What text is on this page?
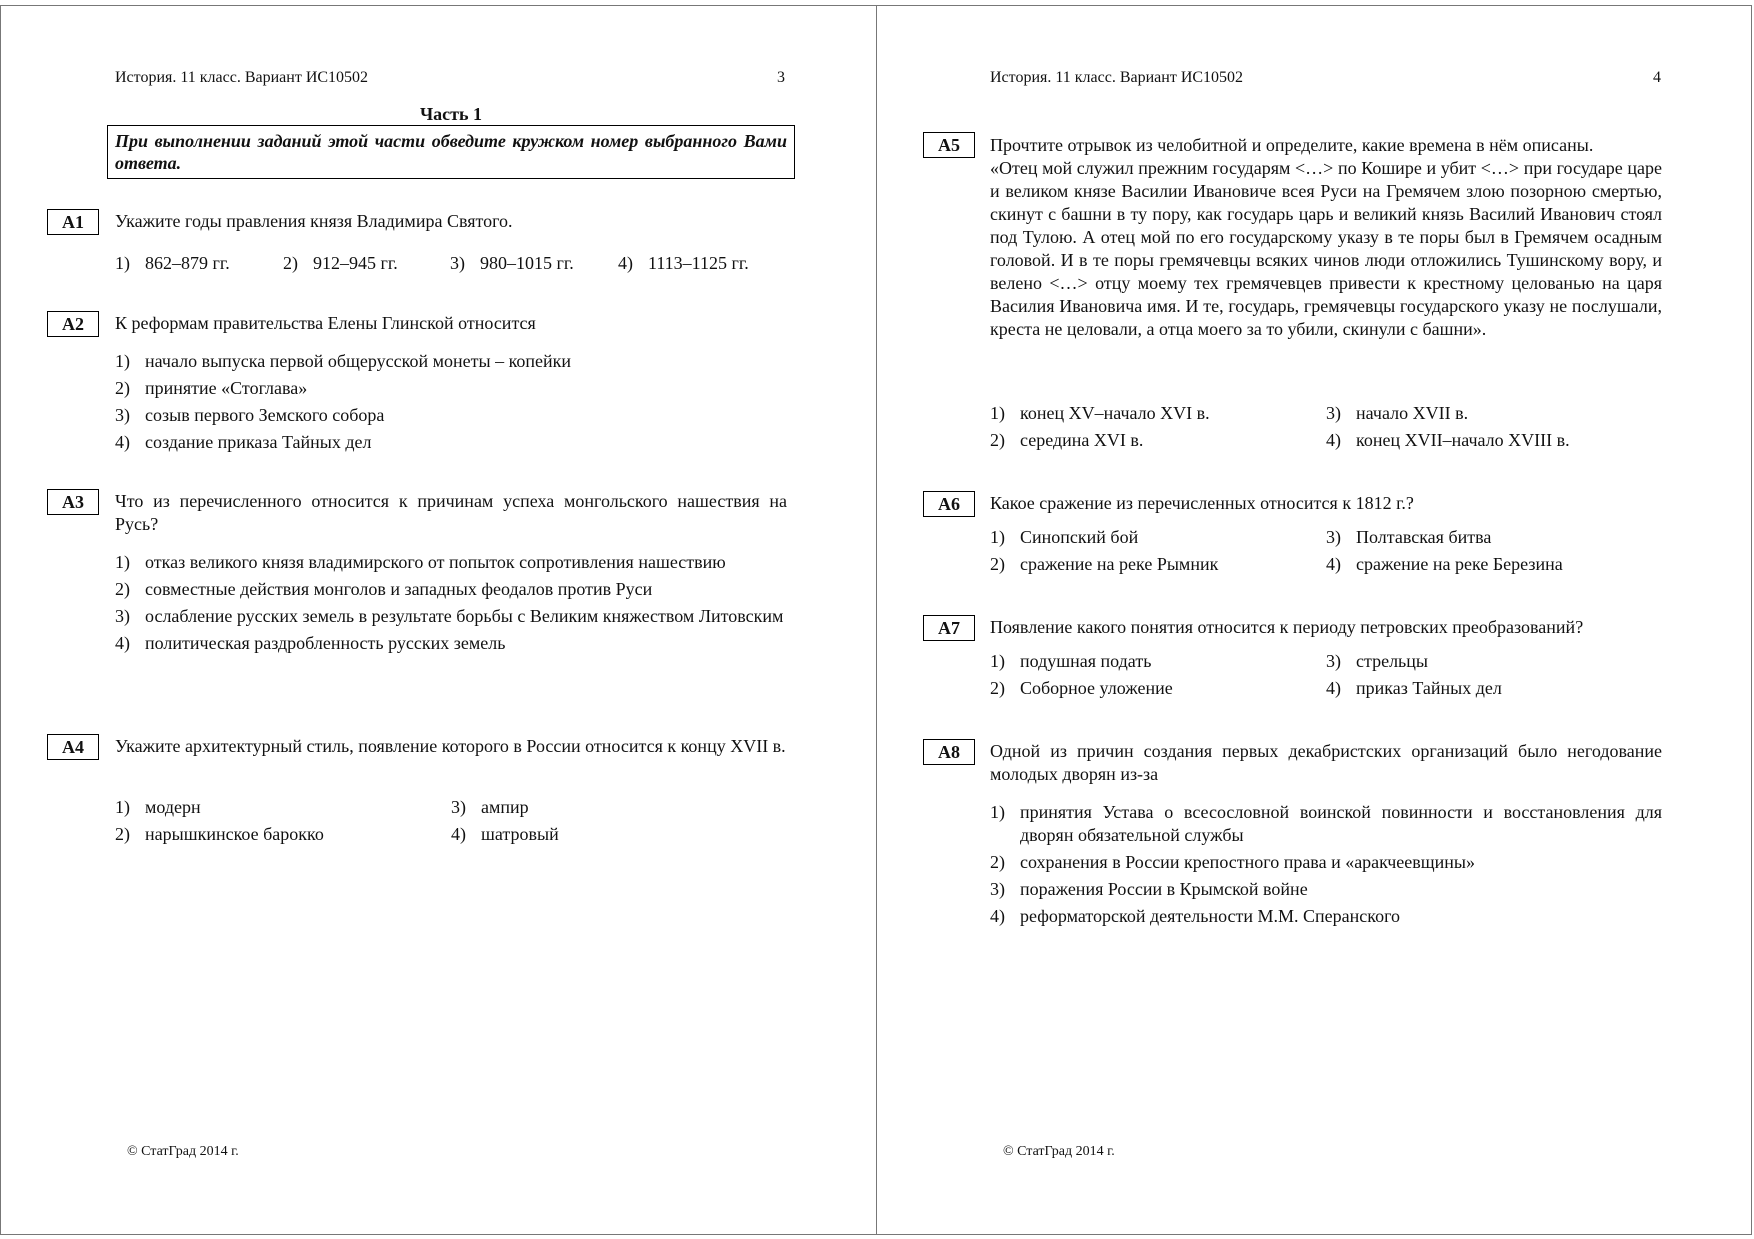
История. 11 класс. Вариант ИС10502	3
Часть 1
При выполнении заданий этой части обведите кружком номер выбранного Вами ответа.
А1	Укажите годы правления князя Владимира Святого.
1) 862–879 гг.	2) 912–945 гг.	3) 980–1015 гг.	4) 1113–1125 гг.
А2	К реформам правительства Елены Глинской относится
1) начало выпуска первой общерусской монеты – копейки
2) принятие «Стоглава»
3) созыв первого Земского собора
4) создание приказа Тайных дел
А3	Что из перечисленного относится к причинам успеха монгольского нашествия на Русь?
1) отказ великого князя владимирского от попыток сопротивления нашествию
2) совместные действия монголов и западных феодалов против Руси
3) ослабление русских земель в результате борьбы с Великим княжеством Литовским
4) политическая раздробленность русских земель
А4	Укажите архитектурный стиль, появление которого в России относится к концу XVII в.
1) модерн	3) ампир
2) нарышкинское барокко	4) шатровый
© СтатГрад 2014 г.
История. 11 класс. Вариант ИС10502	4
А5	Прочтите отрывок из челобитной и определите, какие времена в нём описаны.
«Отец мой служил прежним государям <…> по Кошире и убит <…> при государе царе и великом князе Василии Ивановиче всея Руси на Гремячем злою позорною смертью, скинут с башни в ту пору, как государь царь и великий князь Василий Иванович стоял под Тулою. А отец мой по его государскому указу в те поры был в Гремячем осадным головой. И в те поры гремячевцы всяких чинов люди отложились Тушинскому вору, и велено <…> отцу моему тех гремячевцев привести к крестному целованью на царя Василия Ивановича имя. И те, государь, гремячевцы государского указу не послушали, креста не целовали, а отца моего за то убили, скинули с башни».
1) конец XV–начало XVI в.	3) начало XVII в.
2) середина XVI в.	4) конец XVII–начало XVIII в.
А6	Какое сражение из перечисленных относится к 1812 г.?
1) Синопский бой	3) Полтавская битва
2) сражение на реке Рымник	4) сражение на реке Березина
А7	Появление какого понятия относится к периоду петровских преобразований?
1) подушная подать	3) стрельцы
2) Соборное уложение	4) приказ Тайных дел
А8	Одной из причин создания первых декабристских организаций было негодование молодых дворян из-за
1) принятия Устава о всесословной воинской повинности и восстановления для дворян обязательной службы
2) сохранения в России крепостного права и «аракчеевщины»
3) поражения России в Крымской войне
4) реформаторской деятельности М.М. Сперанского
© СтатГрад 2014 г.
